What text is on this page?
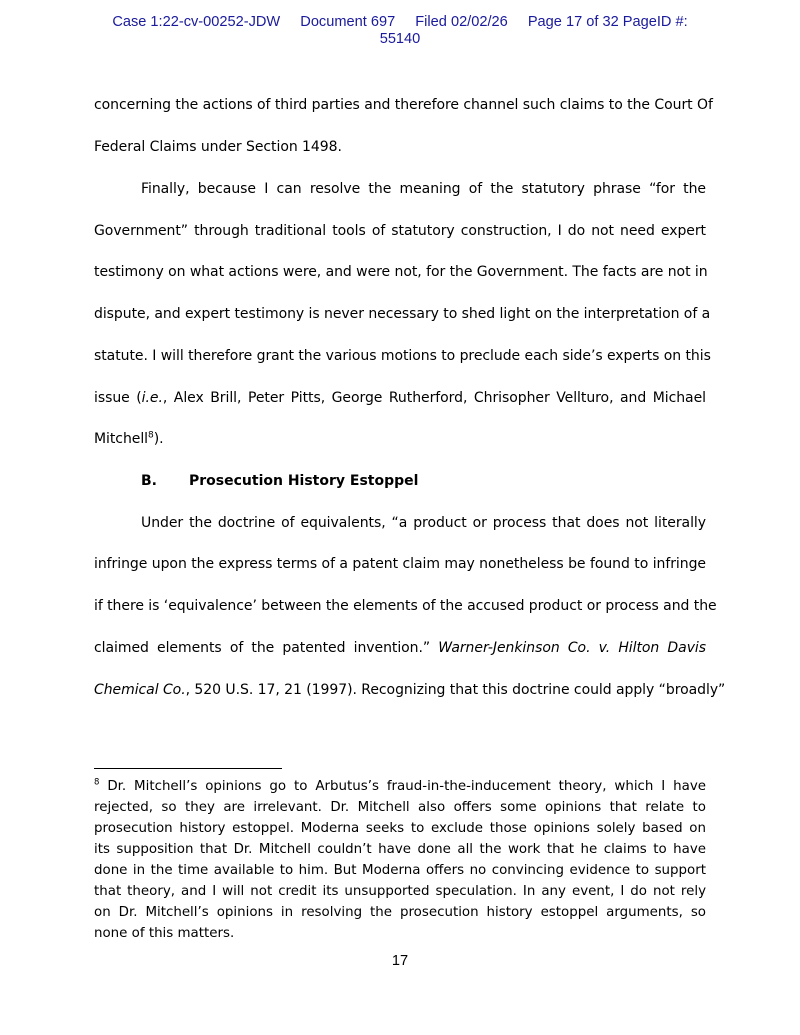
Case 1:22-cv-00252-JDW Document 697 Filed 02/02/26 Page 17 of 32 PageID #:
55140
concerning the actions of third parties and therefore channel such claims to the Court Of
Federal Claims under Section 1498.
Finally, because I can resolve the meaning of the statutory phrase “for the
Government” through traditional tools of statutory construction, I do not need expert
testimony on what actions were, and were not, for the Government. The facts are not in
dispute, and expert testimony is never necessary to shed light on the interpretation of a
statute. I will therefore grant the various motions to preclude each side’s experts on this
issue (i.e., Alex Brill, Peter Pitts, George Rutherford, Chrisopher Vellturo, and Michael
Mitchell$^8$).
Under the doctrine of equivalents, “a product or process that does not literally
infringe upon the express terms of a patent claim may nonetheless be found to infringe
if there is ‘equivalence’ between the elements of the accused product or process and the
claimed elements of the patented invention.” Warner-Jenkinson Co. v. Hilton Davis
Chemical Co., 520 U.S. 17, 21 (1997). Recognizing that this doctrine could apply “broadly”
B. Prosecution History Estoppel
$^8$ Dr. Mitchell’s opinions go to Arbutus’s fraud-in-the-inducement theory, which I have
rejected, so they are irrelevant. Dr. Mitchell also offers some opinions that relate to
prosecution history estoppel. Moderna seeks to exclude those opinions solely based on
its supposition that Dr. Mitchell couldn’t have done all the work that he claims to have
done in the time available to him. But Moderna offers no convincing evidence to support
that theory, and I will not credit its unsupported speculation. In any event, I do not rely
on Dr. Mitchell’s opinions in resolving the prosecution history estoppel arguments, so
none of this matters.
17
